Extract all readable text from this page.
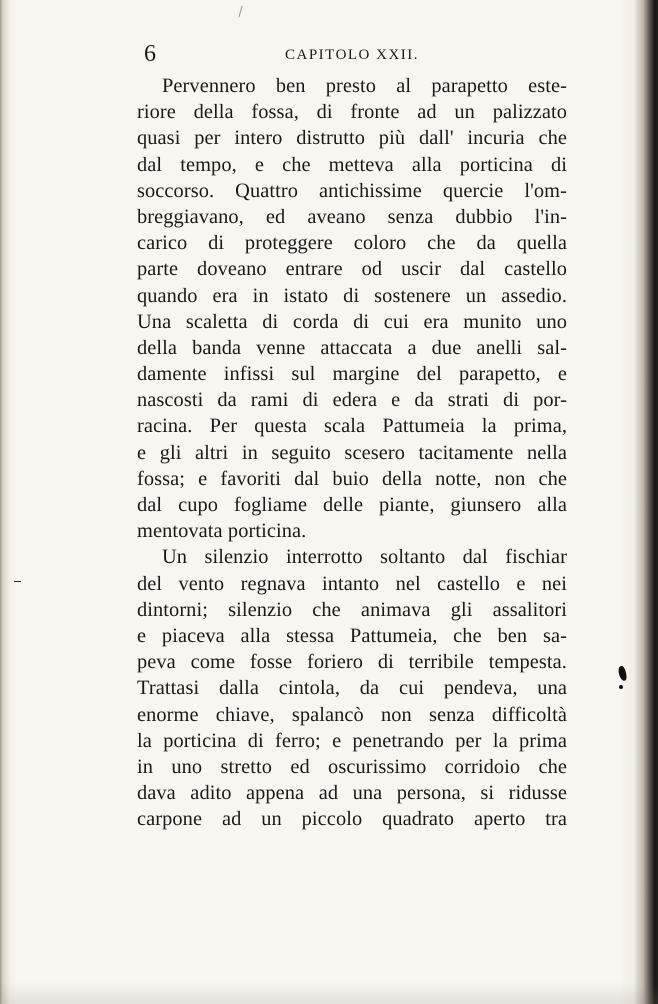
6	CAPITOLO XXII.
Pervennero ben presto al parapetto este-
riore della fossa, di fronte ad un palizzato
quasi per intero distrutto più dall' incuria che
dal tempo, e che metteva alla porticina di
soccorso. Quattro antichissime quercie l'om-
breggiavano, ed aveano senza dubbio l'in-
carico di proteggere coloro che da quella
parte doveano entrare od uscir dal castello
quando era in istato di sostenere un assedio.
Una scaletta di corda di cui era munito uno
della banda venne attaccata a due anelli sal-
damente infissi sul margine del parapetto, e
nascosti da rami di edera e da strati di por-
racina. Per questa scala Pattumeia la prima,
e gli altri in seguito scesero tacitamente nella
fossa; e favoriti dal buio della notte, non che
dal cupo fogliame delle piante, giunsero alla
mentovata porticina.
Un silenzio interrotto soltanto dal fischiar
del vento regnava intanto nel castello e nei
dintorni; silenzio che animava gli assalitori
e piaceva alla stessa Pattumeia, che ben sa-
peva come fosse foriero di terribile tempesta.
Trattasi dalla cintola, da cui pendeva, una
enorme chiave, spalancò non senza difficoltà
la porticina di ferro; e penetrando per la prima
in uno stretto ed oscurissimo corridoio che
dava adito appena ad una persona, si ridusse
carpone ad un piccolo quadrato aperto tra
